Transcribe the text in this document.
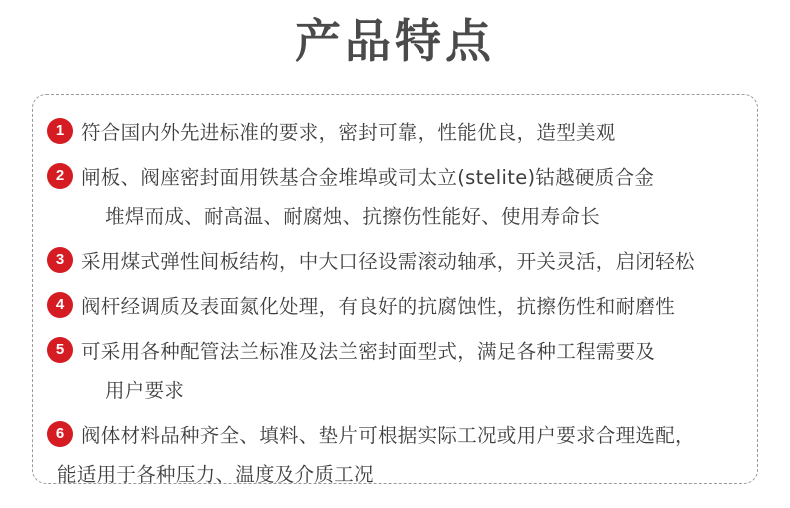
产品特点
1 符合国内外先进标准的要求，密封可靠，性能优良，造型美观
2 闸板、阀座密封面用铁基合金堆埠或司太立(stelite)钴越硬质合金
堆焊而成、耐高温、耐腐烛、抗擦伤性能好、使用寿命长
3 采用煤式弹性间板结构，中大口径设需滚动轴承，开关灵活，启闭轻松
4 阀杆经调质及表面氮化处理，有良好的抗腐蚀性，抗擦伤性和耐磨性
5 可采用各种配管法兰标准及法兰密封面型式，满足各种工程需要及
用户要求
6 阀体材料品种齐全、填料、垫片可根据实际工况或用户要求合理选配，
能适用于各种压力、温度及介质工况
